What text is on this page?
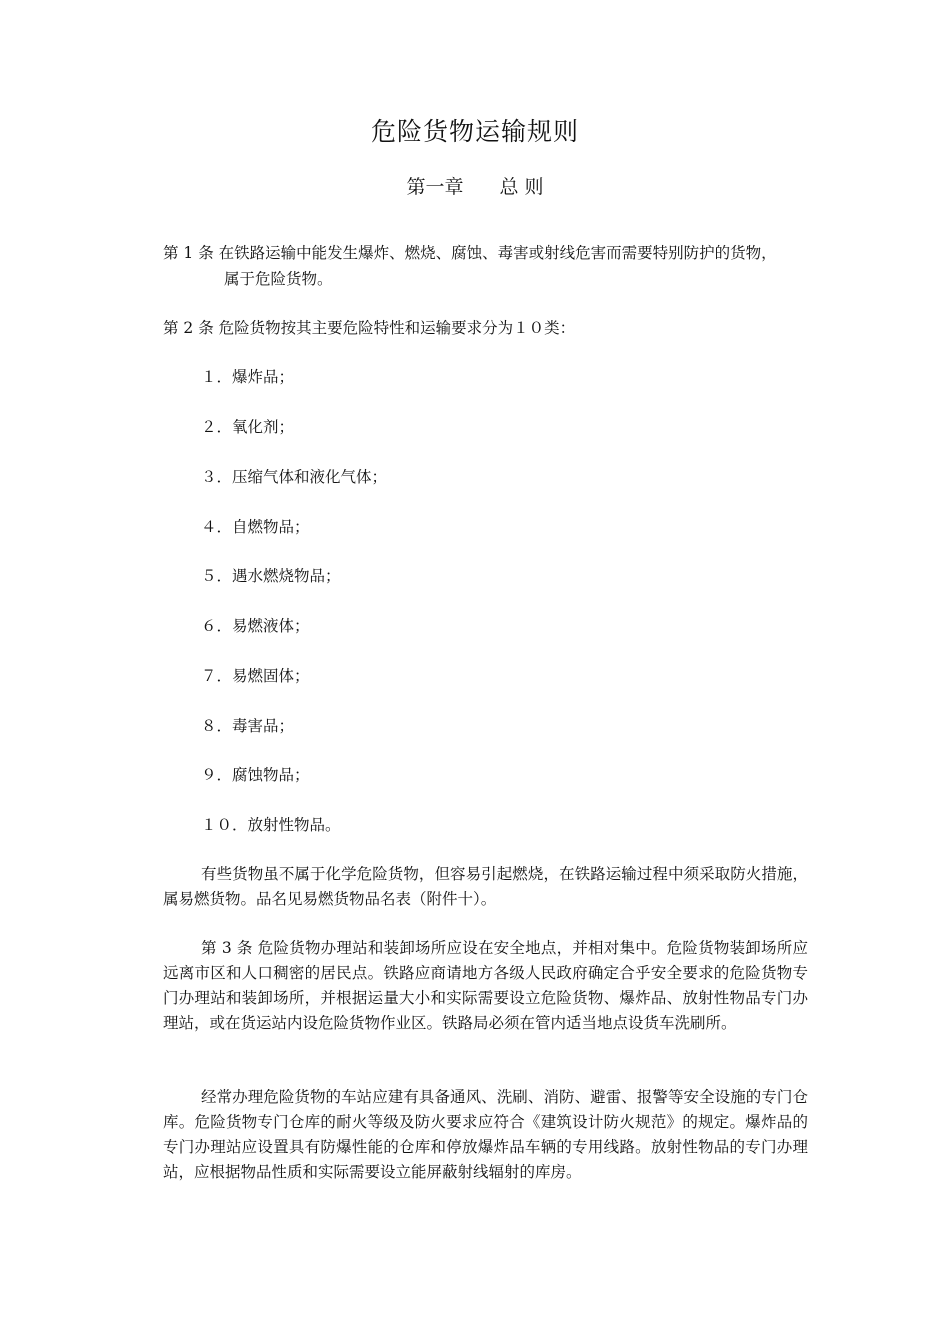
危险货物运输规则
第一章 总 则
第 1 条 在铁路运输中能发生爆炸、燃烧、腐蚀、毒害或射线危害而需要特别防护的货物，
属于危险货物。
第 2 条 危险货物按其主要危险特性和运输要求分为１０类：
１．爆炸品；
２．氧化剂；
３．压缩气体和液化气体；
４．自燃物品；
５．遇水燃烧物品；
６．易燃液体；
７．易燃固体；
８．毒害品；
９．腐蚀物品；
１０．放射性物品。

有些货物虽不属于化学危险货物，但容易引起燃烧，在铁路运输过程中须采取防火措施，属易燃货物。品名见易燃货物品名表（附件十）。

第 3 条 危险货物办理站和装卸场所应设在安全地点，并相对集中。危险货物装卸场所应远离市区和人口稠密的居民点。铁路应商请地方各级人民政府确定合乎安全要求的危险货物专门办理站和装卸场所，并根据运量大小和实际需要设立危险货物、爆炸品、放射性物品专门办理站，或在货运站内设危险货物作业区。铁路局必须在管内适当地点设货车洗刷所。

经常办理危险货物的车站应建有具备通风、洗刷、消防、避雷、报警等安全设施的专门仓库。危险货物专门仓库的耐火等级及防火要求应符合《建筑设计防火规范》的规定。爆炸品的专门办理站应设置具有防爆性能的仓库和停放爆炸品车辆的专用线路。放射性物品的专门办理站，应根据物品性质和实际需要设立能屏蔽射线辐射的库房。
